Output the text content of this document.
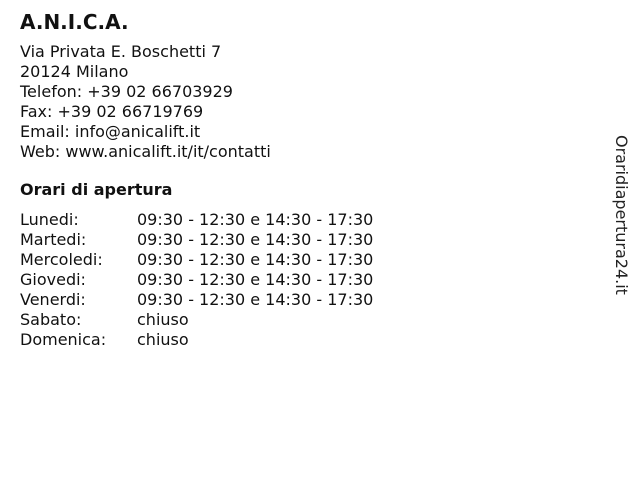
A.N.I.C.A.
Via Privata E. Boschetti 7
20124 Milano
Telefon: +39 02 66703929
Fax: +39 02 66719769
Email: info@anicalift.it
Web: www.anicalift.it/it/contatti
Orari di apertura
Lunedi:	09:30 - 12:30 e 14:30 - 17:30
Martedi:	09:30 - 12:30 e 14:30 - 17:30
Mercoledi:	09:30 - 12:30 e 14:30 - 17:30
Giovedi:	09:30 - 12:30 e 14:30 - 17:30
Venerdi:	09:30 - 12:30 e 14:30 - 17:30
Sabato:	chiuso
Domenica:	chiuso
Oraridiapertura24.it
